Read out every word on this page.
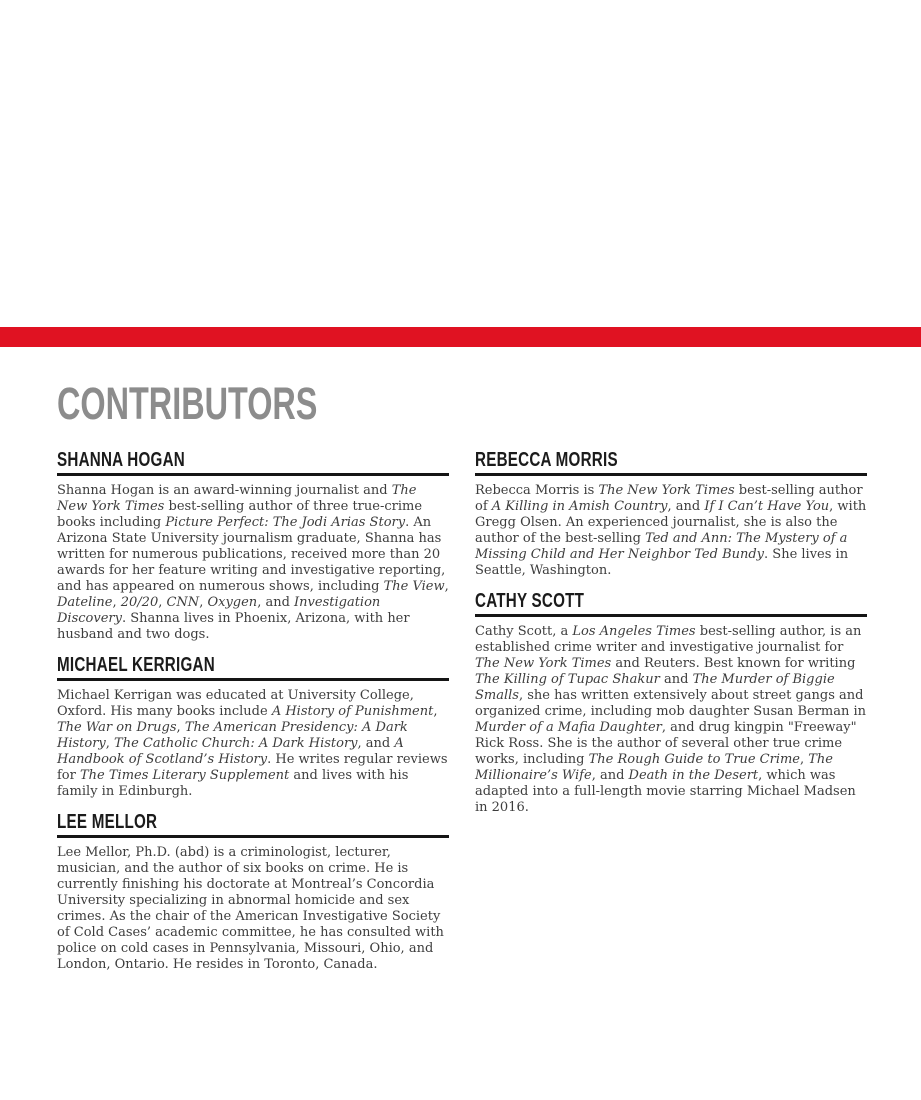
CONTRIBUTORS
SHANNA HOGAN

Shanna Hogan is an award-winning journalist and The New York Times best-selling author of three true-crime books including Picture Perfect: The Jodi Arias Story. An Arizona State University journalism graduate, Shanna has written for numerous publications, received more than 20 awards for her feature writing and investigative reporting, and has appeared on numerous shows, including The View, Dateline, 20/20, CNN, Oxygen, and Investigation Discovery. Shanna lives in Phoenix, Arizona, with her husband and two dogs.

MICHAEL KERRIGAN

Michael Kerrigan was educated at University College, Oxford. His many books include A History of Punishment, The War on Drugs, The American Presidency: A Dark History, The Catholic Church: A Dark History, and A Handbook of Scotland’s History. He writes regular reviews for The Times Literary Supplement and lives with his family in Edinburgh.

LEE MELLOR

Lee Mellor, Ph.D. (abd) is a criminologist, lecturer, musician, and the author of six books on crime. He is currently finishing his doctorate at Montreal’s Concordia University specializing in abnormal homicide and sex crimes. As the chair of the American Investigative Society of Cold Cases’ academic committee, he has consulted with police on cold cases in Pennsylvania, Missouri, Ohio, and London, Ontario. He resides in Toronto, Canada.

REBECCA MORRIS

Rebecca Morris is The New York Times best-selling author of A Killing in Amish Country, and If I Can’t Have You, with Gregg Olsen. An experienced journalist, she is also the author of the best-selling Ted and Ann: The Mystery of a Missing Child and Her Neighbor Ted Bundy. She lives in Seattle, Washington.

CATHY SCOTT

Cathy Scott, a Los Angeles Times best-selling author, is an established crime writer and investigative journalist for The New York Times and Reuters. Best known for writing The Killing of Tupac Shakur and The Murder of Biggie Smalls, she has written extensively about street gangs and organized crime, including mob daughter Susan Berman in Murder of a Mafia Daughter, and drug kingpin "Freeway" Rick Ross. She is the author of several other true crime works, including The Rough Guide to True Crime, The Millionaire’s Wife, and Death in the Desert, which was adapted into a full-length movie starring Michael Madsen in 2016.
